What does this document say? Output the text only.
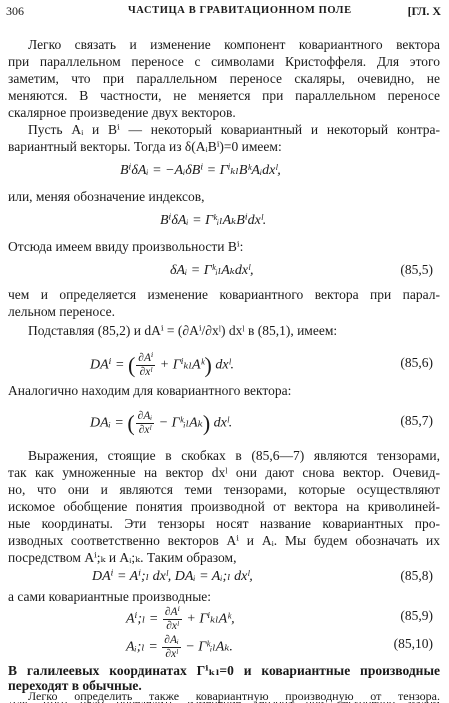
306	ЧАСТИЦА В ГРАВИТАЦИОННОМ ПОЛЕ	[ГЛ. X
Легко связать и изменение компонент ковариантного вектора
при параллельном переносе с символами Кристоффеля. Для этого
заметим, что при параллельном переносе скаляры, очевидно, не
меняются. В частности, не меняется при параллельном переносе
скалярное произведение двух векторов.
Пусть Aᵢ и Bⁱ — некоторый ковариантный и некоторый контра-
вариантный векторы. Тогда из δ(AᵢBⁱ)=0 имеем:
BⁱδAᵢ = −AᵢδBⁱ = ΓⁱₖₗBᵏAᵢdxˡ,
или, меняя обозначение индексов,
BⁱδAᵢ = ΓᵏᵢₗAₖBⁱdxˡ.
Отсюда имеем ввиду произвольности Bⁱ:
δAᵢ = ΓᵏᵢₗAₖdxˡ,	(85,5)
чем и определяется изменение ковариантного вектора при парал-
лельном переносе.
Подставляя (85,2) и dAⁱ = (∂Aⁱ/∂xˡ) dxˡ в (85,1), имеем:
DAⁱ = ( $\frac{\text{∂Aⁱ}}{\text{∂xˡ}}$ + ΓⁱₖₗAᵏ) dxˡ.	(85,6)
Аналогично находим для ковариантного вектора:
DAᵢ = ( $\frac{\text{∂Aᵢ}}{\text{∂xˡ}}$ − ΓᵏᵢₗAₖ) dxˡ.	(85,7)
Выражения, стоящие в скобках в (85,6—7) являются тензорами,
так как умноженные на вектор dxˡ они дают снова вектор. Очевид-
но, что они и являются теми тензорами, которые осуществляют
искомое обобщение понятия производной от вектора на криволиней-
ные координаты. Эти тензоры носят название ковариантных про-
изводных соответственно векторов Aⁱ и Aᵢ. Мы будем обозначать их
посредством Aⁱ;ₖ и Aᵢ;ₖ. Таким образом,
DAⁱ = Aⁱ;ₗ dxˡ, DAᵢ = Aᵢ;ₗ dxˡ,	(85,8)
а сами ковариантные производные:
Aⁱ;ₗ = $\frac{\text{∂Aⁱ}}{\text{∂xˡ}}$ + ΓⁱₖₗAᵏ,	(85,9)
Aᵢ;ₗ = $\frac{\text{∂Aᵢ}}{\text{∂xˡ}}$ − ΓᵏᵢₗAₖ.	(85,10)
В галилеевых координатах Γⁱₖₗ=0 и ковариантные производные
переходят в обычные.
Легко определить также ковариантную производную от тензора.
